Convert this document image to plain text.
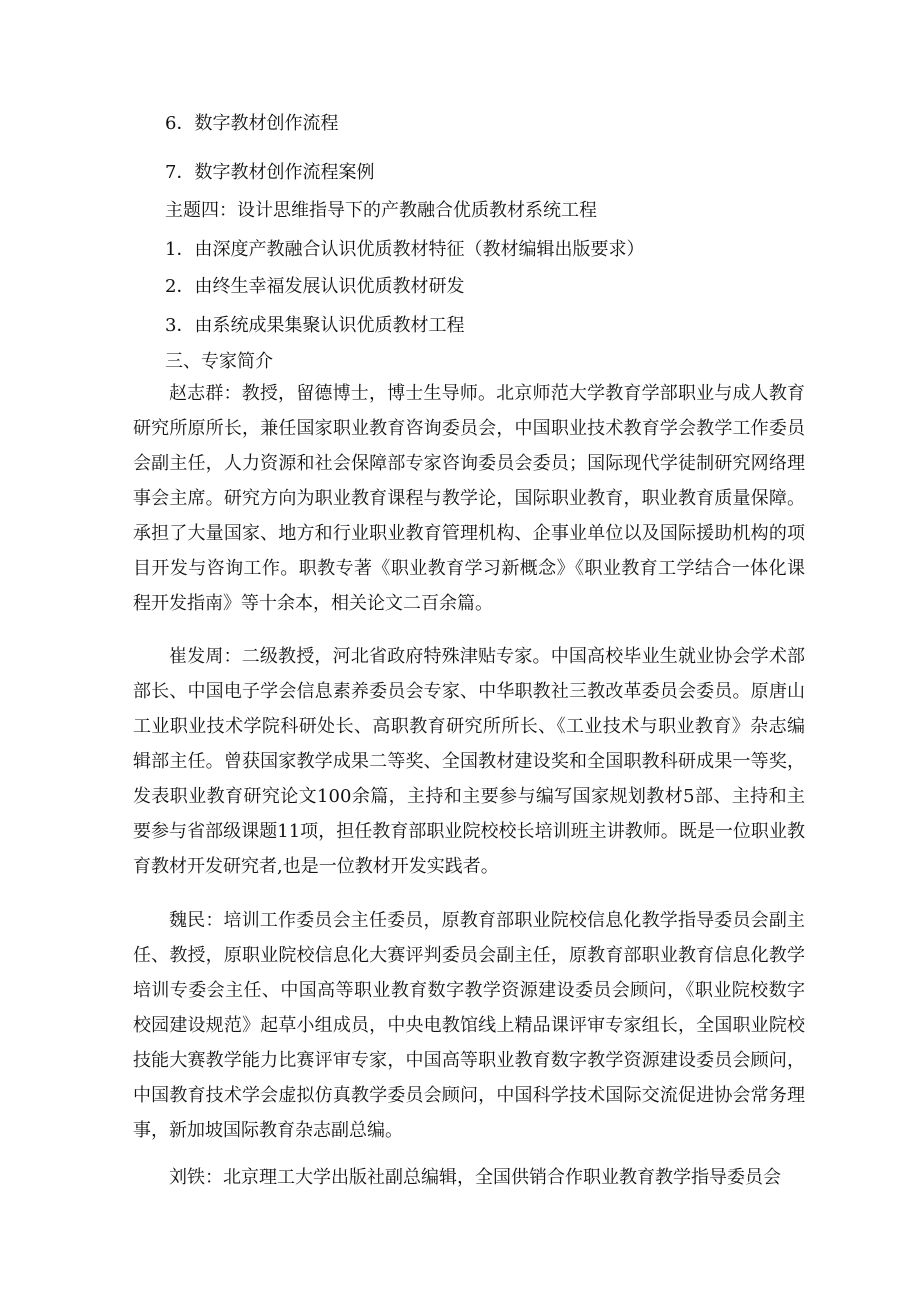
6．数字教材创作流程
7．数字教材创作流程案例
主题四：设计思维指导下的产教融合优质教材系统工程
1．由深度产教融合认识优质教材特征（教材编辑出版要求）
2．由终生幸福发展认识优质教材研发
3．由系统成果集聚认识优质教材工程
三、专家简介
赵志群：教授，留德博士，博士生导师。北京师范大学教育学部职业与成人教育研究所原所长，兼任国家职业教育咨询委员会，中国职业技术教育学会教学工作委员会副主任，人力资源和社会保障部专家咨询委员会委员；国际现代学徒制研究网络理事会主席。研究方向为职业教育课程与教学论，国际职业教育，职业教育质量保障。承担了大量国家、地方和行业职业教育管理机构、企事业单位以及国际援助机构的项目开发与咨询工作。职教专著《职业教育学习新概念》《职业教育工学结合一体化课程开发指南》等十余本，相关论文二百余篇。
崔发周：二级教授，河北省政府特殊津贴专家。中国高校毕业生就业协会学术部部长、中国电子学会信息素养委员会专家、中华职教社三教改革委员会委员。原唐山工业职业技术学院科研处长、高职教育研究所所长、《工业技术与职业教育》杂志编辑部主任。曾获国家教学成果二等奖、全国教材建设奖和全国职教科研成果一等奖，发表职业教育研究论文100余篇，主持和主要参与编写国家规划教材5部、主持和主要参与省部级课题11项，担任教育部职业院校校长培训班主讲教师。既是一位职业教育教材开发研究者,也是一位教材开发实践者。
魏民：培训工作委员会主任委员，原教育部职业院校信息化教学指导委员会副主任、教授，原职业院校信息化大赛评判委员会副主任，原教育部职业教育信息化教学培训专委会主任、中国高等职业教育数字教学资源建设委员会顾问，《职业院校数字校园建设规范》起草小组成员，中央电教馆线上精品课评审专家组长，全国职业院校技能大赛教学能力比赛评审专家，中国高等职业教育数字教学资源建设委员会顾问，中国教育技术学会虚拟仿真教学委员会顾问，中国科学技术国际交流促进协会常务理事，新加坡国际教育杂志副总编。
刘铁：北京理工大学出版社副总编辑，全国供销合作职业教育教学指导委员会
